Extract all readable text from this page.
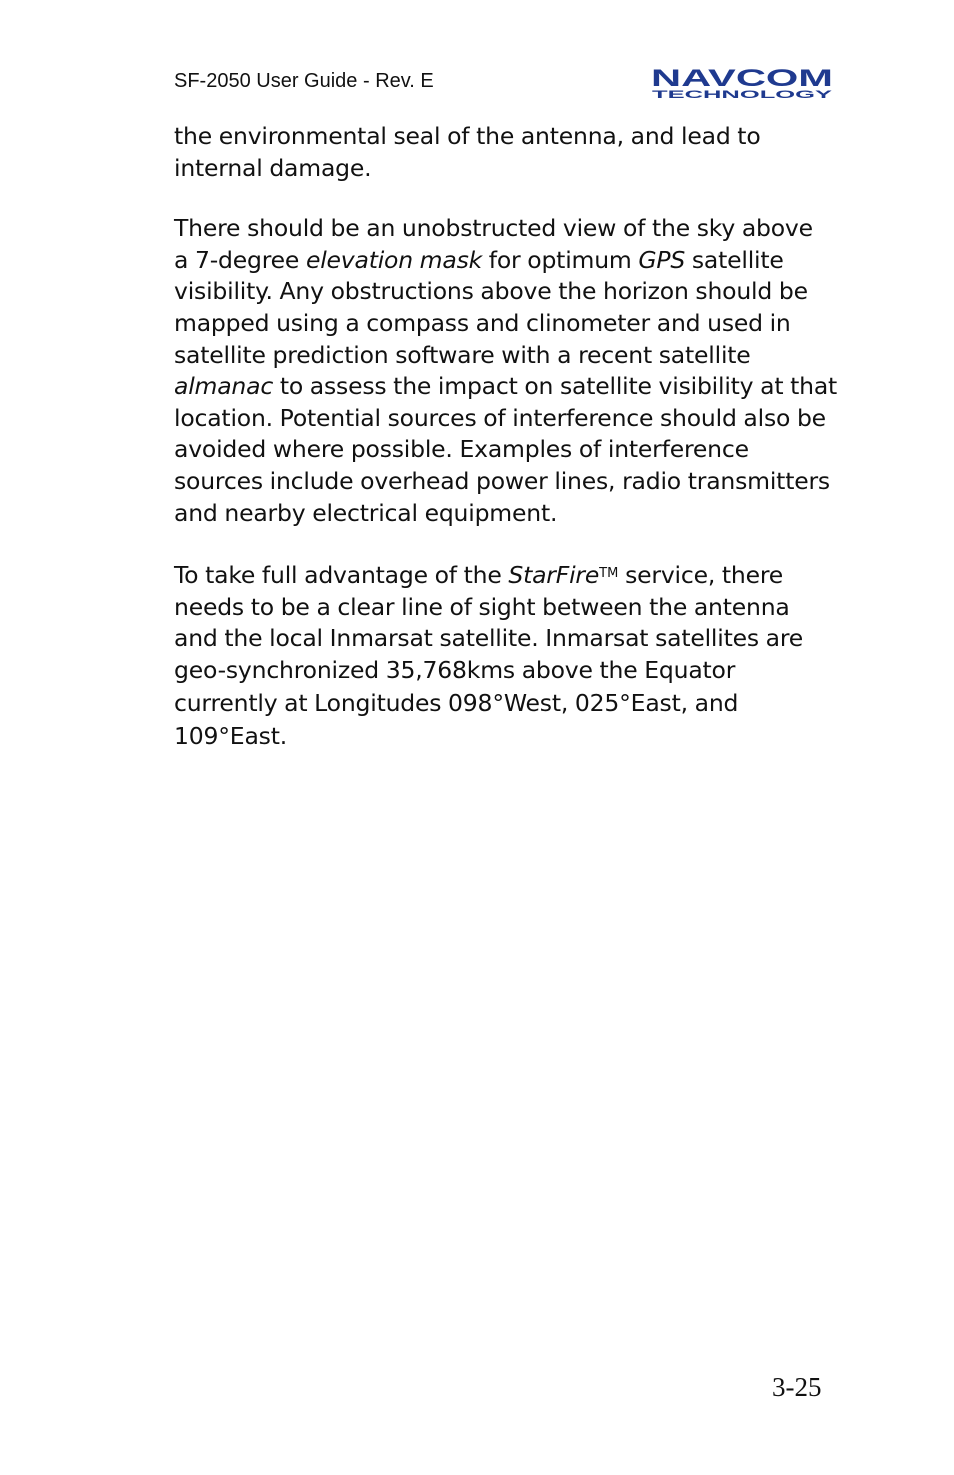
SF-2050 User Guide - Rev. E	NAVCOM
TECHNOLOGY

the environmental seal of the antenna, and lead to
internal damage.

There should be an unobstructed view of the sky above
a 7-degree elevation mask for optimum GPS satellite
visibility. Any obstructions above the horizon should be
mapped using a compass and clinometer and used in
satellite prediction software with a recent satellite
almanac to assess the impact on satellite visibility at that
location. Potential sources of interference should also be
avoided where possible. Examples of interference
sources include overhead power lines, radio transmitters
and nearby electrical equipment.

To take full advantage of the StarFire™ service, there
needs to be a clear line of sight between the antenna
and the local Inmarsat satellite. Inmarsat satellites are
geo-synchronized 35,768kms above the Equator
currently at Longitudes 098°West, 025°East, and
109°East.

3-25
